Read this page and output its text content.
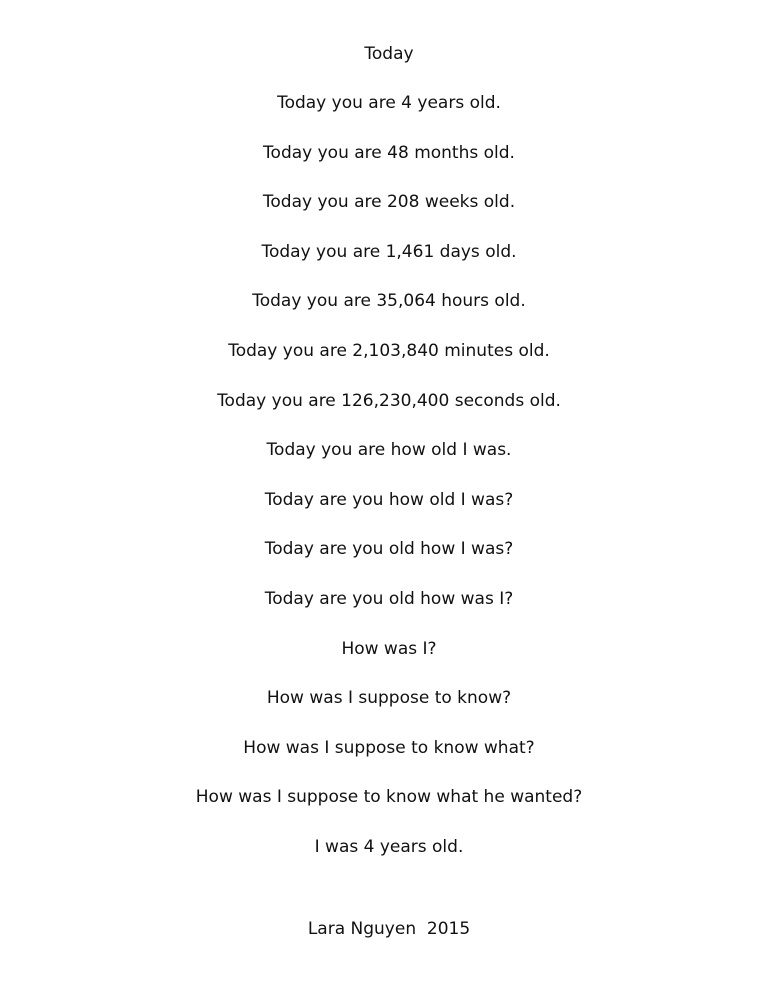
Today
Today you are 4 years old.
Today you are 48 months old.
Today you are 208 weeks old.
Today you are 1,461 days old.
Today you are 35,064 hours old.
Today you are 2,103,840 minutes old.
Today you are 126,230,400 seconds old.
Today you are how old I was.
Today are you how old I was?
Today are you old how I was?
Today are you old how was I?
How was I?
How was I suppose to know?
How was I suppose to know what?
How was I suppose to know what he wanted?
I was 4 years old.
Lara Nguyen  2015
